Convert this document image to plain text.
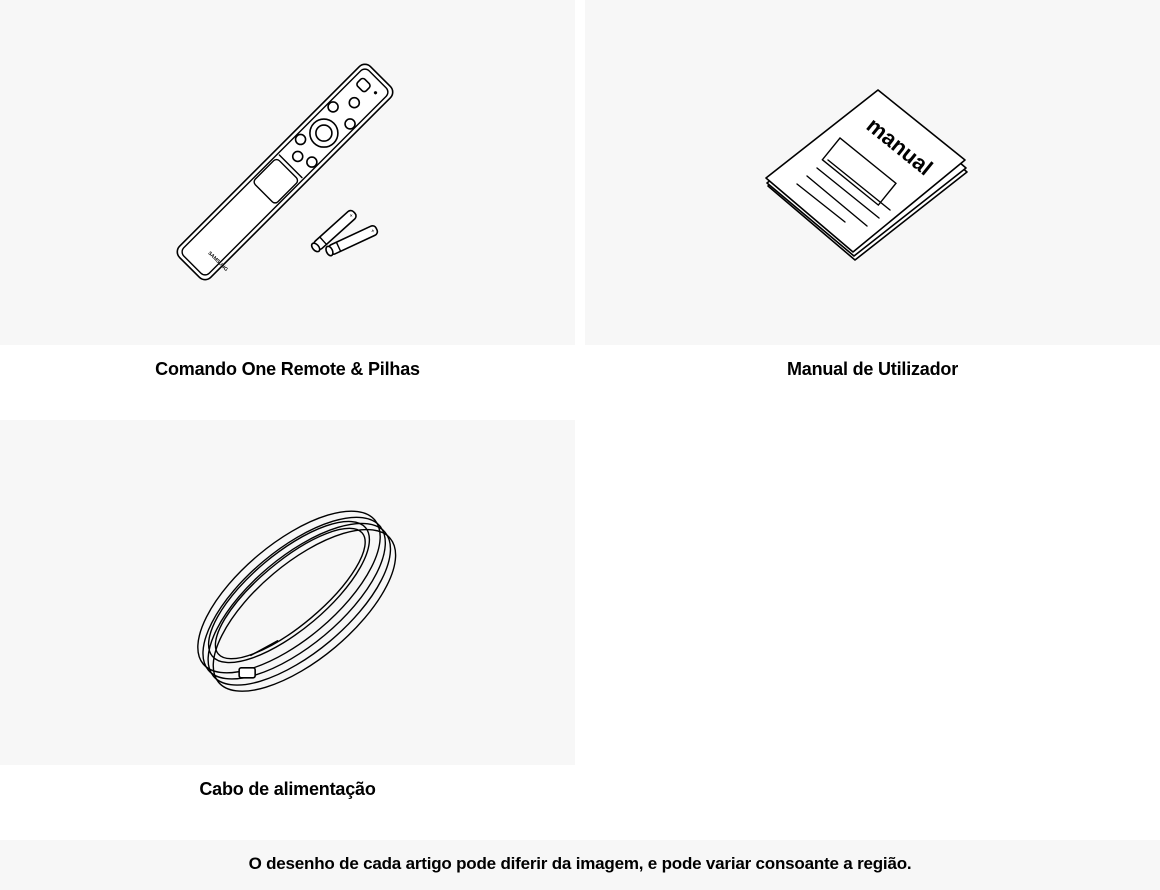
SAMSUNG
+
+
Comando One Remote & Pilhas
manual
Manual de Utilizador
Cabo de alimentação
O desenho de cada artigo pode diferir da imagem, e pode variar consoante a região.
